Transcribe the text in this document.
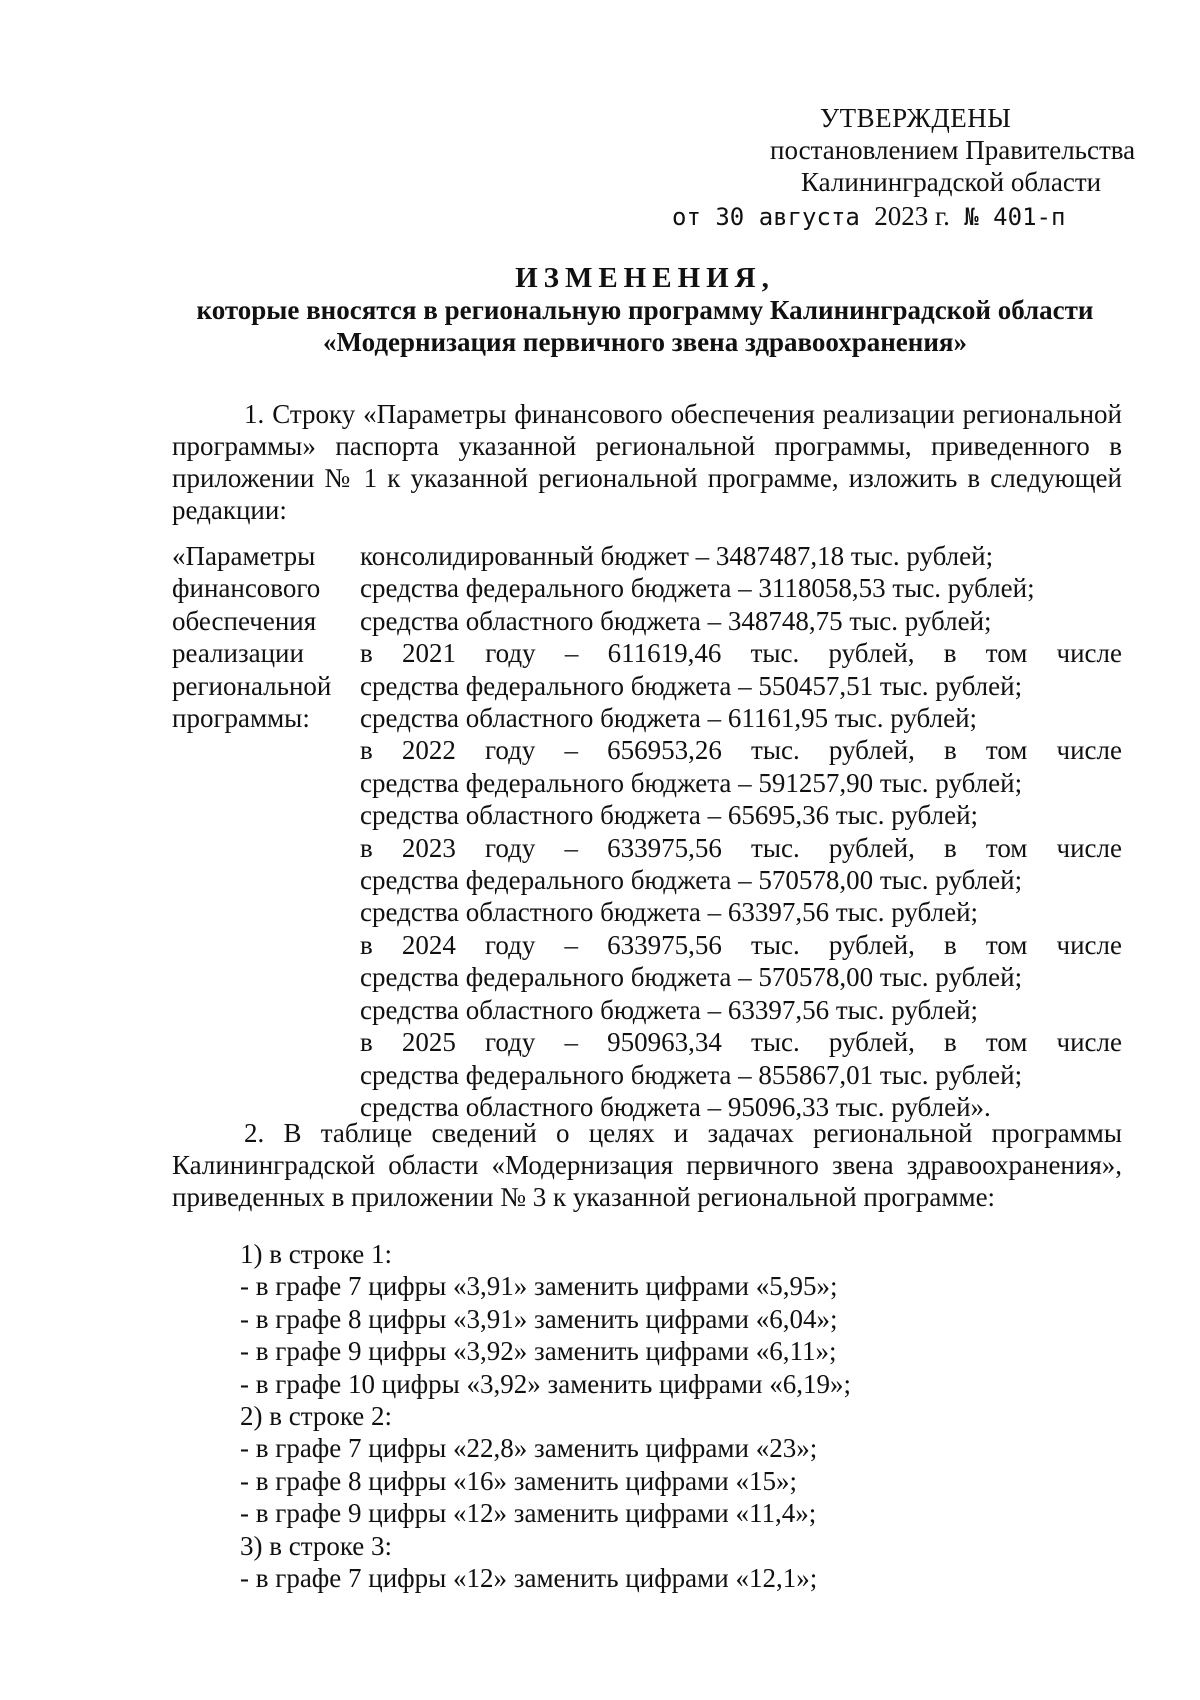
УТВЕРЖДЕНЫ
постановлением Правительства
Калининградской области
от 30 августа 2023 г. № 401-п
ИЗМЕНЕНИЯ,
которые вносятся в региональную программу Калининградской области
«Модернизация первичного звена здравоохранения»
1. Строку «Параметры финансового обеспечения реализации региональной программы» паспорта указанной региональной программы, приведенного в приложении № 1 к указанной региональной программе, изложить в следующей редакции:
«Параметры
финансового
обеспечения
реализации
региональной
программы:
консолидированный бюджет – 3487487,18 тыс. рублей;
средства федерального бюджета – 3118058,53 тыс. рублей;
средства областного бюджета – 348748,75 тыс. рублей;
в 2021 году – 611619,46 тыс. рублей, в том числе
средства федерального бюджета – 550457,51 тыс. рублей;
средства областного бюджета – 61161,95 тыс. рублей;
в 2022 году – 656953,26 тыс. рублей, в том числе
средства федерального бюджета – 591257,90 тыс. рублей;
средства областного бюджета – 65695,36 тыс. рублей;
в 2023 году – 633975,56 тыс. рублей, в том числе
средства федерального бюджета – 570578,00 тыс. рублей;
средства областного бюджета – 63397,56 тыс. рублей;
в 2024 году – 633975,56 тыс. рублей, в том числе
средства федерального бюджета – 570578,00 тыс. рублей;
средства областного бюджета – 63397,56 тыс. рублей;
в 2025 году – 950963,34 тыс. рублей, в том числе
средства федерального бюджета – 855867,01 тыс. рублей;
средства областного бюджета – 95096,33 тыс. рублей».
2. В таблице сведений о целях и задачах региональной программы Калининградской области «Модернизация первичного звена здравоохранения», приведенных в приложении № 3 к указанной региональной программе:
1) в строке 1:
- в графе 7 цифры «3,91» заменить цифрами «5,95»;
- в графе 8 цифры «3,91» заменить цифрами «6,04»;
- в графе 9 цифры «3,92» заменить цифрами «6,11»;
- в графе 10 цифры «3,92» заменить цифрами «6,19»;
2) в строке 2:
- в графе 7 цифры «22,8» заменить цифрами «23»;
- в графе 8 цифры «16» заменить цифрами «15»;
- в графе 9 цифры «12» заменить цифрами «11,4»;
3) в строке 3:
- в графе 7 цифры «12» заменить цифрами «12,1»;
